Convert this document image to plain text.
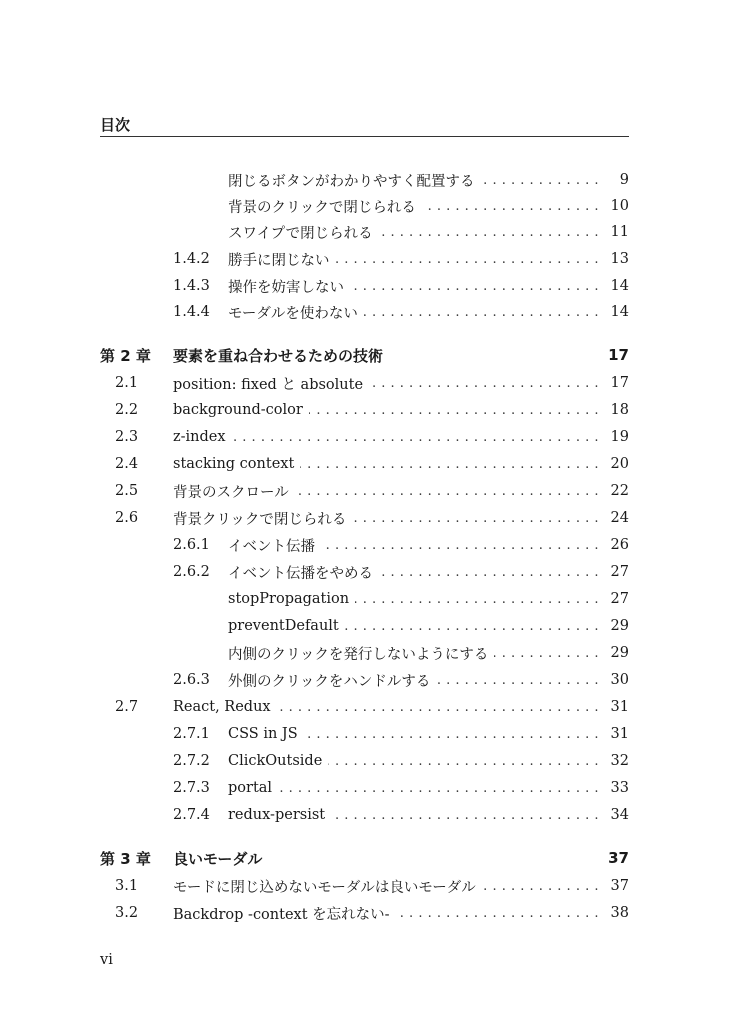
目次
閉じるボタンがわかりやすく配置する . . .	9
背景のクリックで閉じられる . . .	10
スワイプで閉じられる . . .	11
1.4.2	勝手に閉じない . . .	13
1.4.3	操作を妨害しない . . .	14
1.4.4	モーダルを使わない . . .	14
第 2 章	要素を重ね合わせるための技術	17
2.1	position: fixed と absolute . . .	17
2.2	background-color . . .	18
2.3	z-index . . .	19
2.4	stacking context . . .	20
2.5	背景のスクロール . . .	22
2.6	背景クリックで閉じられる . . .	24
2.6.1	イベント伝播 . . .	26
2.6.2	イベント伝播をやめる . . .	27
stopPropagation . . .	27
preventDefault . . .	29
内側のクリックを発行しないようにする . . .	29
2.6.3	外側のクリックをハンドルする . . .	30
2.7	React, Redux . . .	31
2.7.1	CSS in JS . . .	31
2.7.2	ClickOutside . . .	32
2.7.3	portal . . .	33
2.7.4	redux-persist . . .	34
第 3 章	良いモーダル	37
3.1	モードに閉じ込めないモーダルは良いモーダル . . .	37
3.2	Backdrop -context を忘れない- . . .	38
vi
